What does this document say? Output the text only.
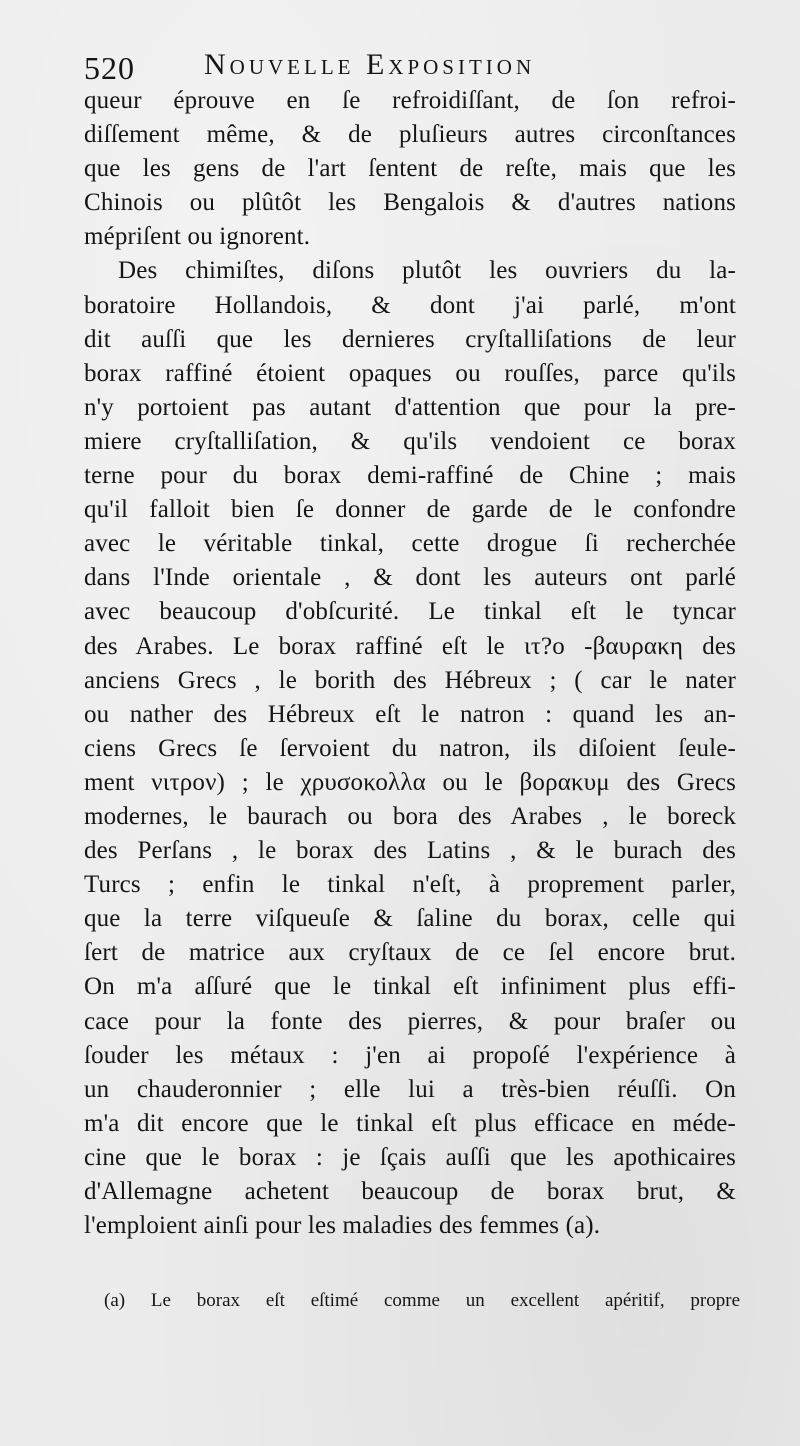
520 Nouvelle Exposition
queur éprouve en ſe refroidiſſant, de ſon refroi-
diſſement même, & de pluſieurs autres circonſtances
que les gens de l'art ſentent de reſte, mais que les
Chinois ou plûtôt les Bengalois & d'autres nations
mépriſent ou ignorent.
Des chimiſtes, diſons plutôt les ouvriers du la-
boratoire Hollandois, & dont j'ai parlé, m'ont
dit auſſi que les dernieres cryſtalliſations de leur
borax raffiné étoient opaques ou rouſſes, parce qu'ils
n'y portoient pas autant d'attention que pour la pre-
miere cryſtalliſation, & qu'ils vendoient ce borax
terne pour du borax demi-raffiné de Chine ; mais
qu'il falloit bien ſe donner de garde de le confondre
avec le véritable tinkal, cette drogue ſi recherchée
dans l'Inde orientale , & dont les auteurs ont parlé
avec beaucoup d'obſcurité. Le tinkal eſt le tyncar
des Arabes. Le borax raffiné eſt le ιτ?ο -βαυρακη des
anciens Grecs , le borith des Hébreux ; ( car le nater
ou nather des Hébreux eſt le natron : quand les an-
ciens Grecs ſe ſervoient du natron, ils diſoient ſeule-
ment νιτρον) ; le χρυσοκολλα ou le βορακυμ des Grecs
modernes, le baurach ou bora des Arabes , le boreck
des Perſans , le borax des Latins , & le burach des
Turcs ; enfin le tinkal n'eſt, à proprement parler,
que la terre viſqueuſe & ſaline du borax, celle qui
ſert de matrice aux cryſtaux de ce ſel encore brut.
On m'a aſſuré que le tinkal eſt infiniment plus effi-
cace pour la fonte des pierres, & pour braſer ou
ſouder les métaux : j'en ai propoſé l'expérience à
un chauderonnier ; elle lui a très-bien réuſſi. On
m'a dit encore que le tinkal eſt plus efficace en méde-
cine que le borax : je ſçais auſſi que les apothicaires
d'Allemagne achetent beaucoup de borax brut, &
l'emploient ainſi pour les maladies des femmes (a).
(a) Le borax eſt eſtimé comme un excellent apéritif, propre
